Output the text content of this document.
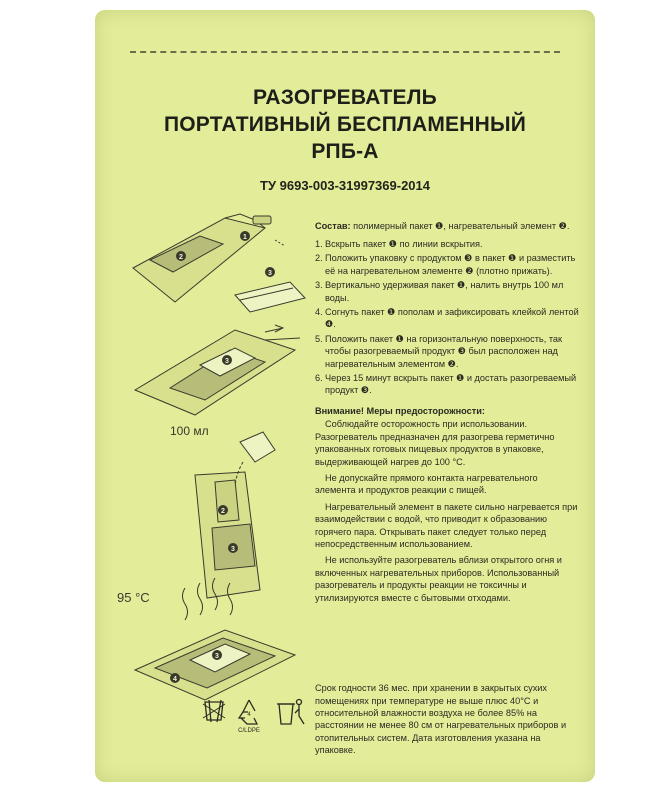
РАЗОГРЕВАТЕЛЬ
ПОРТАТИВНЫЙ БЕСПЛАМЕННЫЙ
РПБ-А
ТУ 9693-003-31997369-2014
100 мл
95 °С
2
1
3
3
2
3
3
4

Состав: полимерный пакет ❶, нагревательный элемент ❷.

1. Вскрыть пакет ❶ по линии вскрытия.
2. Положить упаковку с продуктом ❸ в пакет ❶ и разместить её на нагревательном элементе ❷ (плотно прижать).
3. Вертикально удерживая пакет ❶, налить внутрь 100 мл воды.
4. Согнуть пакет ❶ пополам и зафиксировать клейкой лентой ❹.
5. Положить пакет ❶ на горизонтальную поверхность, так чтобы разогреваемый продукт ❸ был расположен над нагревательным элементом ❷.
6. Через 15 минут вскрыть пакет ❶ и достать разогреваемый продукт ❸.
Внимание! Меры предосторожности:

Соблюдайте осторожность при использовании. Разогреватель предназначен для разогрева герметично упакованных готовых пищевых продуктов в упаковке, выдерживающей нагрев до 100 °С.

Не допускайте прямого контакта нагревательного элемента и продуктов реакции с пищей.

Нагревательный элемент в пакете сильно нагревается при взаимодействии с водой, что приводит к образованию горячего пара. Открывать пакет следует только перед непосредственным использованием.

Не используйте разогреватель вблизи открытого огня и включенных нагревательных приборов. Использованный разогреватель и продукты реакции не токсичны и утилизируются вместе с бытовыми отходами.

Срок годности 36 мес. при хранении в закрытых сухих помещениях при температуре не выше плюс 40°С и относительной влажности воздуха не более 85% на расстоянии не менее 80 см от нагревательных приборов и отопительных систем. Дата изготовления указана на упаковке.

4
C/LDPE
